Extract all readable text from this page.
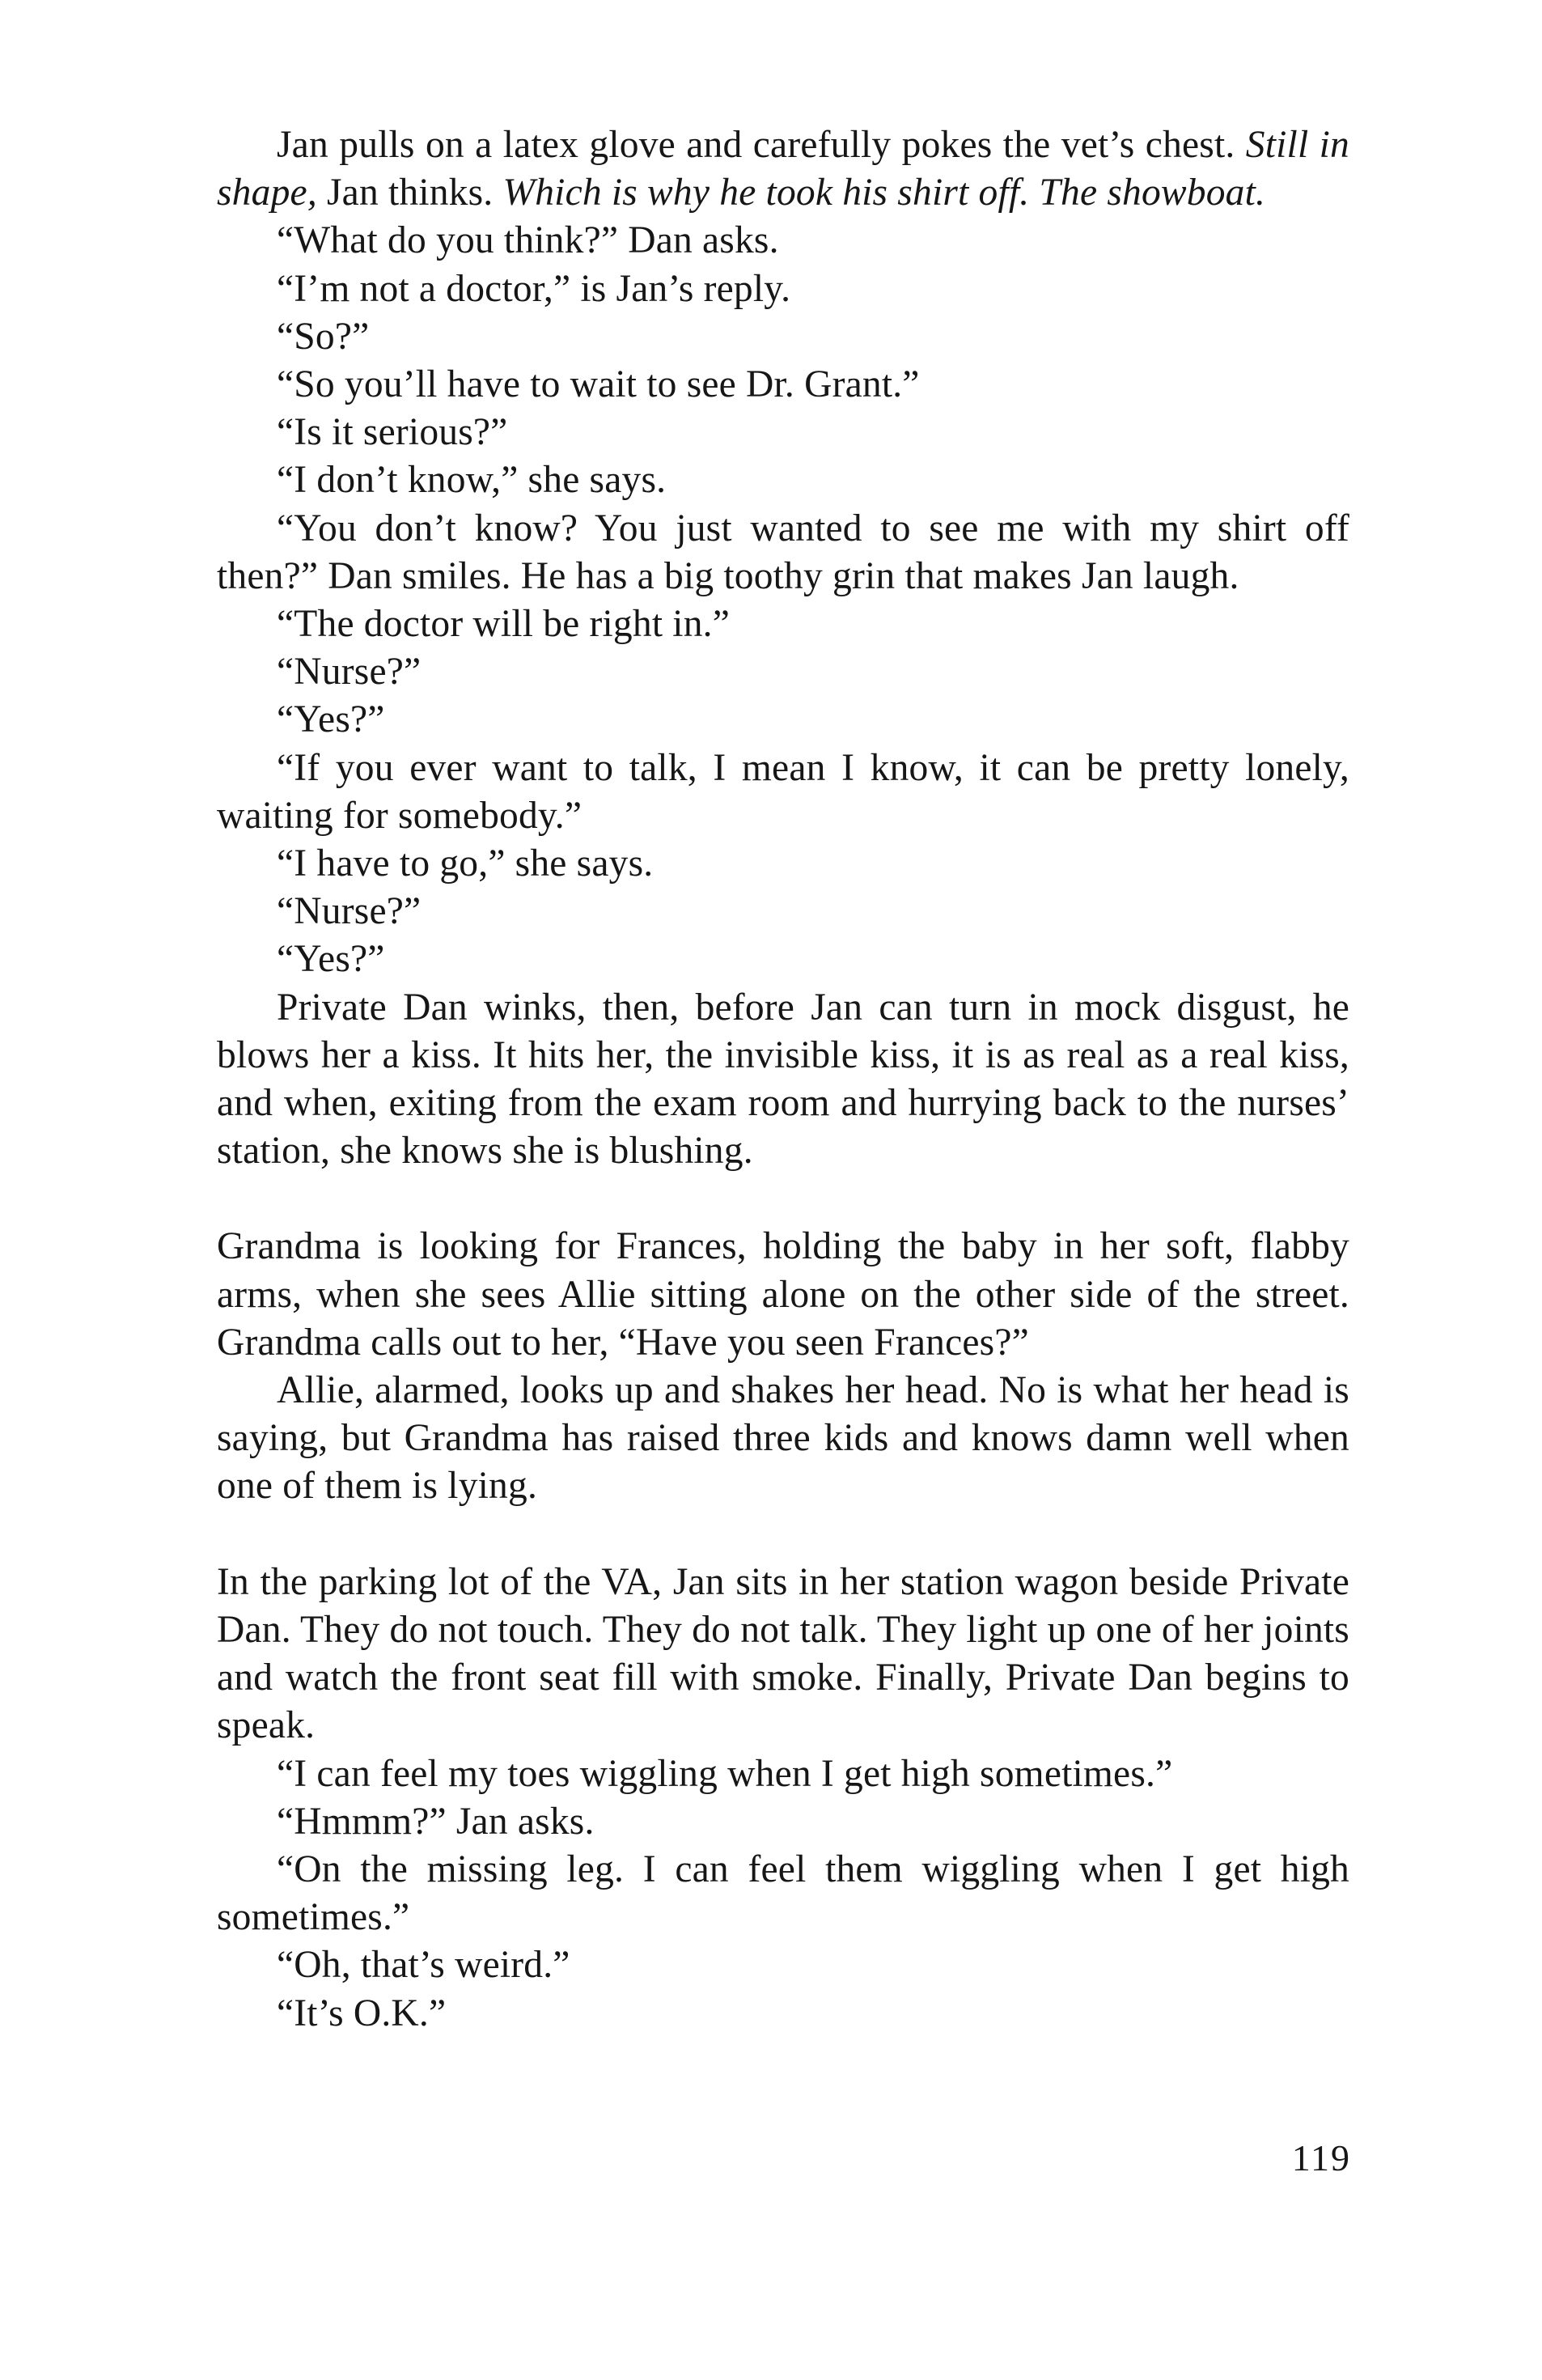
Jan pulls on a latex glove and carefully pokes the vet’s chest. Still in shape, Jan thinks. Which is why he took his shirt off. The showboat.

“What do you think?” Dan asks.

“I’m not a doctor,” is Jan’s reply.

“So?”

“So you’ll have to wait to see Dr. Grant.”

“Is it serious?”

“I don’t know,” she says.

“You don’t know? You just wanted to see me with my shirt off then?” Dan smiles. He has a big toothy grin that makes Jan laugh.

“The doctor will be right in.”

“Nurse?”

“Yes?”

“If you ever want to talk, I mean I know, it can be pretty lonely, waiting for somebody.”

“I have to go,” she says.

“Nurse?”

“Yes?”

Private Dan winks, then, before Jan can turn in mock disgust, he blows her a kiss. It hits her, the invisible kiss, it is as real as a real kiss, and when, exiting from the exam room and hurrying back to the nurses’ station, she knows she is blushing.

Grandma is looking for Frances, holding the baby in her soft, flabby arms, when she sees Allie sitting alone on the other side of the street. Grandma calls out to her, “Have you seen Frances?”

Allie, alarmed, looks up and shakes her head. No is what her head is saying, but Grandma has raised three kids and knows damn well when one of them is lying.

In the parking lot of the VA, Jan sits in her station wagon beside Private Dan. They do not touch. They do not talk. They light up one of her joints and watch the front seat fill with smoke. Finally, Private Dan begins to speak.

“I can feel my toes wiggling when I get high sometimes.”

“Hmmm?” Jan asks.

“On the missing leg. I can feel them wiggling when I get high sometimes.”

“Oh, that’s weird.”

“It’s O.K.”

119
